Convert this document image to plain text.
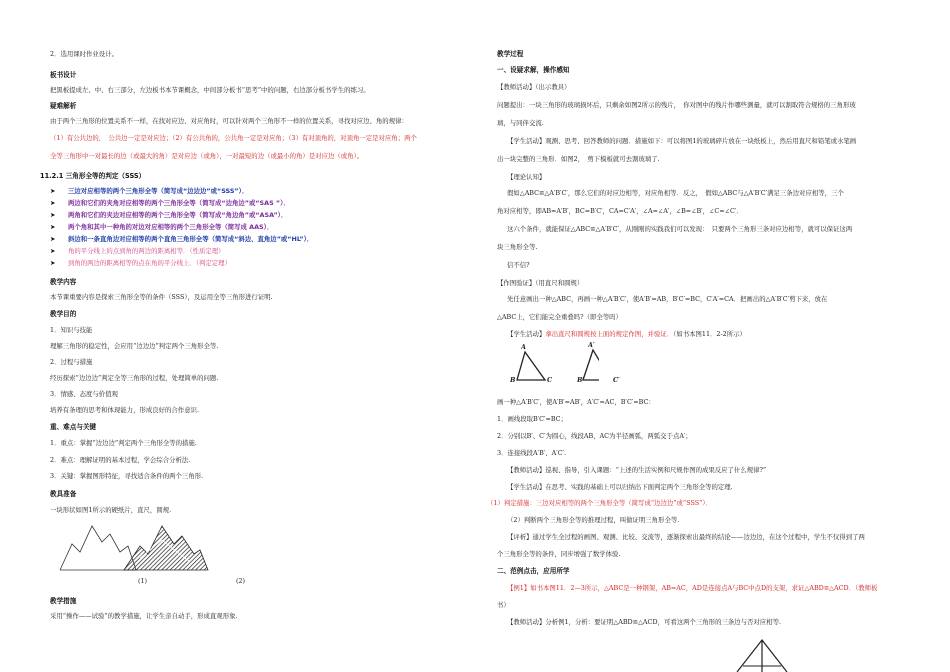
2．选用课时作业设计。
板书设计
把黑板提成左、中、右三部分，左边板书本节课概念，中间部分板书“思考”中的问题，右边部分板书学生的练习。
疑难解析
由于两个三角形的位置关系不一样，在找对应边、对应角时，可以针对两个三角形不一样的位置关系，寻找对应边、角的规律：
（1）有公共边的，　公共边一定是对应边；（2）有公共角的，公共角一定是对应角；（3）有对顶角的，对顶角一定是对应角；两个
全等三角形中一对最长的边（或最大的角）是对应边（或角），一对最短的边（或最小的角）是对应边（或角）。
11.2.1 三角形全等的判定（SSS）
➤ 三边对应相等的两个三角形全等（简写成“边边边”或“SSS”）．
➤ 两边和它们的夹角对应相等的两个三角形全等（简写成“边角边”或“SAS ”）．
➤ 两角和它们的夹边对应相等的两个三角形全等（简写成“角边角”或“ASA”）．
➤ 两个角和其中一种角的对边对应相等的两个三角形全等（简写成 AAS）．
➤ 斜边和一条直角边对应相等的两个直角三角形全等（简写成“斜边、直角边”或“HL”）．
➤ 角的平分线上的点到角的两边的距离相等．（性质定理）
➤ 到角的两边的距离相等的点在角的平分线上．（判定定理）
教学内容
本节课重要内容是探索三角形全等的条件（SSS），及运用全等三角形进行证明.
教学目的
1．知识与技能
理解三角形的稳定性，会应用“边边边”判定两个三角形全等.
2．过程与措施
经历探索“边边边”判定全等三角形的过程，处理简单的问题.
3．情感、态度与价值观
培养有条理的思考和体现能力，形成良好的合作意识.
重、难点与关键
1．重点：掌握“边边边”判定两个三角形全等的措施.
2．难点：理解证明的基本过程，学会综合分析法.
3．关键：掌握图形特征，寻找适合条件的两个三角形.
教具准备
一块形状如图1所示的硬纸片，直尺，圆规.
(1)	(2)
教学措施
采用“操作——试验”的教学措施，让学生亲自动手，形成直观形象.
教学过程
一、设疑求解，操作感知
【教师活动】（出示教具）
问题提出：一块三角形的玻璃损坏后，只剩余如图2所示的残片，　你对图中的残片作哪些测量，就可以割取符合规格的三角形玻
璃，与同伴交流.
【学生活动】观测、思考、回答教师的问题．措施如下：可以将图1的玻璃碎片放在一块纸板上，然后用直尺和铅笔或水笔画
出一块完整的三角形．如图2，　剪下模板就可去割玻璃了.
【理论认知】
假如△ABC≌△A′B′C′，那么它们的对应边相等，对应角相等．反之，　假如△ABC与△A′B′C′满足三条边对应相等，三个
角对应相等，即AB=A′B′，BC=B′C′，CA=C′A′，∠A=∠A′，∠B=∠B′，∠C=∠C′．
这六个条件，就能保证△ABC≌△A′B′C′，从刚刚的实践我们可以发现：　只要两个三角形三条对应边相等，就可以保证这两
块三角形全等.
信不信?
【作图验证】（用直尺和圆规）
先任意画出一种△ABC，再画一种△A′B′C′，使A′B′=AB，B′C′=BC，C′A′=CA．把画出的△A′B′C′剪下来，放在
△ABC上，它们能完全重叠吗?（即全等吗）
【学生活动】拿出直尺和圆规按上面的规定作图，并验证．（如书本图11．2-2所示）
A
B	C
A′
B′	C′
画一种△A′B′C′，使A′B′=AB′，A′C′=AC，B′C′=BC：
1．画线段取B′C′=BC；
2．分别以B′、C′为圆心，线段AB、AC为半径画弧，两弧交于点A′；
3．连接线段A′B′、A′C′.
【教师活动】巡视、指导，引入课题：“上述的生活实例和尺规作图的成果反应了什么规律?”
【学生活动】在思考、实践的基础上可以归纳出下面判定两个三角形全等的定理.
（1）判定措施：三边对应相等的两个三角形全等（简写成“边边边”或“SSS”）．
（2）判断两个三角形全等的推理过程，叫做证明三角形全等.
【评析】通过学生全过程的画图、观测、比较、交流等，逐渐探索出最终的结论——边边边，在这个过程中，学生不仅得到了两
个三角形全等的条件，同步增强了数学体验.
二、范例点击，应用所学
【例1】如书本图11．2—3所示，△ABC是一种钢架，AB=AC，AD是连接点A与BC中点D的支架，求证△ABD≌△ACD．（教师板
书）
【教师活动】分析例1，分析：要证明△ABD≌△ACD，可看这两个三角形的三条边与否对应相等.
